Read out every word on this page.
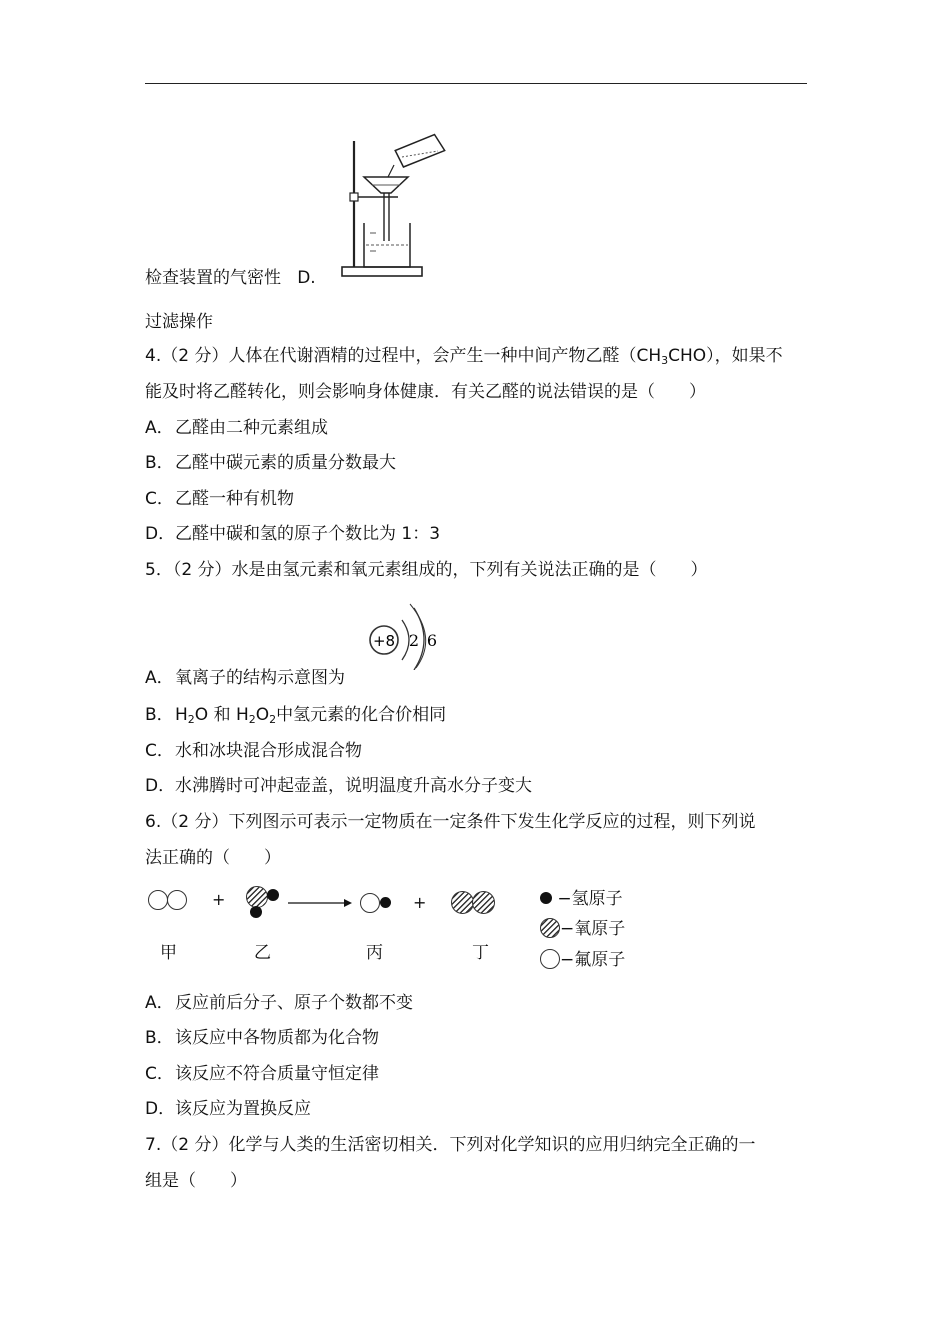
检查装置的气密性 D.
过滤操作
4.（2 分）人体在代谢酒精的过程中，会产生一种中间产物乙醛$(CH_3CHO)$，如果不
能及时将乙醛转化，则会影响身体健康．有关乙醛的说法错误的是（　　）
A．乙醛由二种元素组成
B．乙醛中碳元素的质量分数最大
C．乙醛一种有机物
D．乙醛中碳和氢的原子个数比为 1：3
5．（2 分）水是由氢元素和氧元素组成的，下列有关说法正确的是（　　）
+8 2 6
A．氧离子的结构示意图为
B．$H_2O$ 和 $H_2O_2$中氢元素的化合价相同
C．水和冰块混合形成混合物
D．水沸腾时可冲起壶盖，说明温度升高水分子变大
6.（2 分）下列图示可表示一定物质在一定条件下发生化学反应的过程，则下列说
法正确的（　　）
+	+
甲	乙	丙	丁
−氢原子
−氧原子
−氟原子
A．反应前后分子、原子个数都不变
B．该反应中各物质都为化合物
C．该反应不符合质量守恒定律
D．该反应为置换反应
7.（2 分）化学与人类的生活密切相关．下列对化学知识的应用归纳完全正确的一
组是（　　）
